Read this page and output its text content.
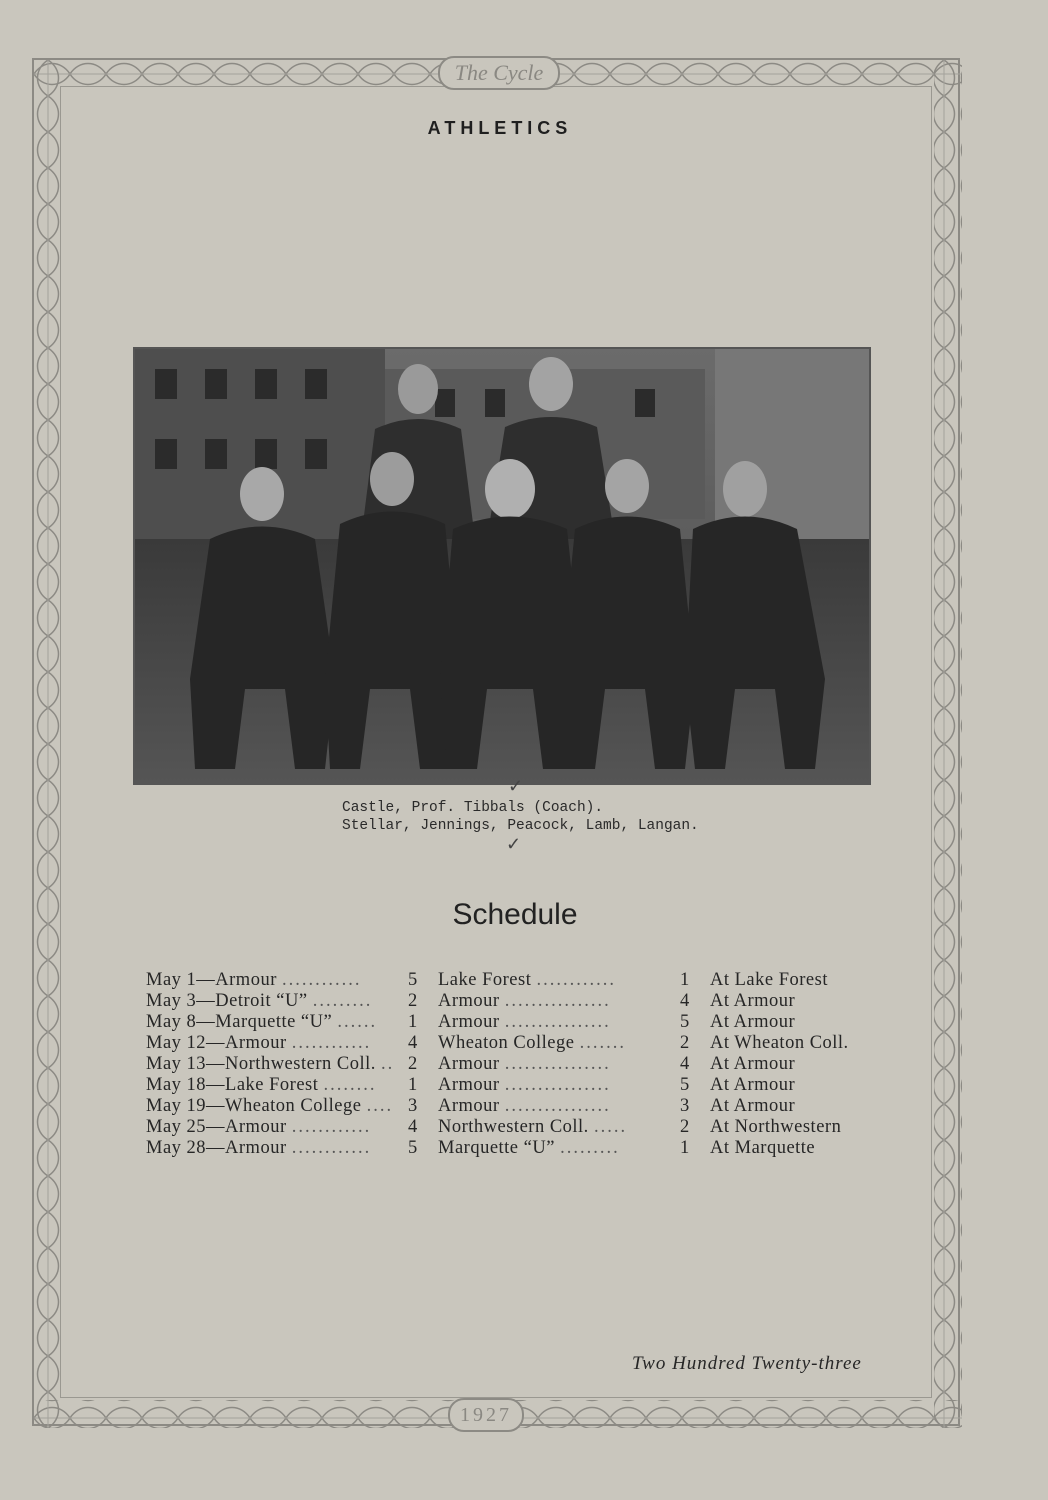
The Cycle
ATHLETICS
✓
Castle, Prof. Tibbals (Coach).
Stellar, Jennings, Peacock, Lamb, Langan.
✓
Schedule
May 1—Armour ............	5	Lake Forest ............	1	At Lake Forest
May 3—Detroit “U” .........	2	Armour ................	4	At Armour
May 8—Marquette “U” ......	1	Armour ................	5	At Armour
May 12—Armour ............	4	Wheaton College .......	2	At Wheaton Coll.
May 13—Northwestern Coll. ..	2	Armour ................	4	At Armour
May 18—Lake Forest ........	1	Armour ................	5	At Armour
May 19—Wheaton College ....	3	Armour ................	3	At Armour
May 25—Armour ............	4	Northwestern Coll. .....	2	At Northwestern
May 28—Armour ............	5	Marquette “U” .........	1	At Marquette
Two Hundred Twenty-three
1927
